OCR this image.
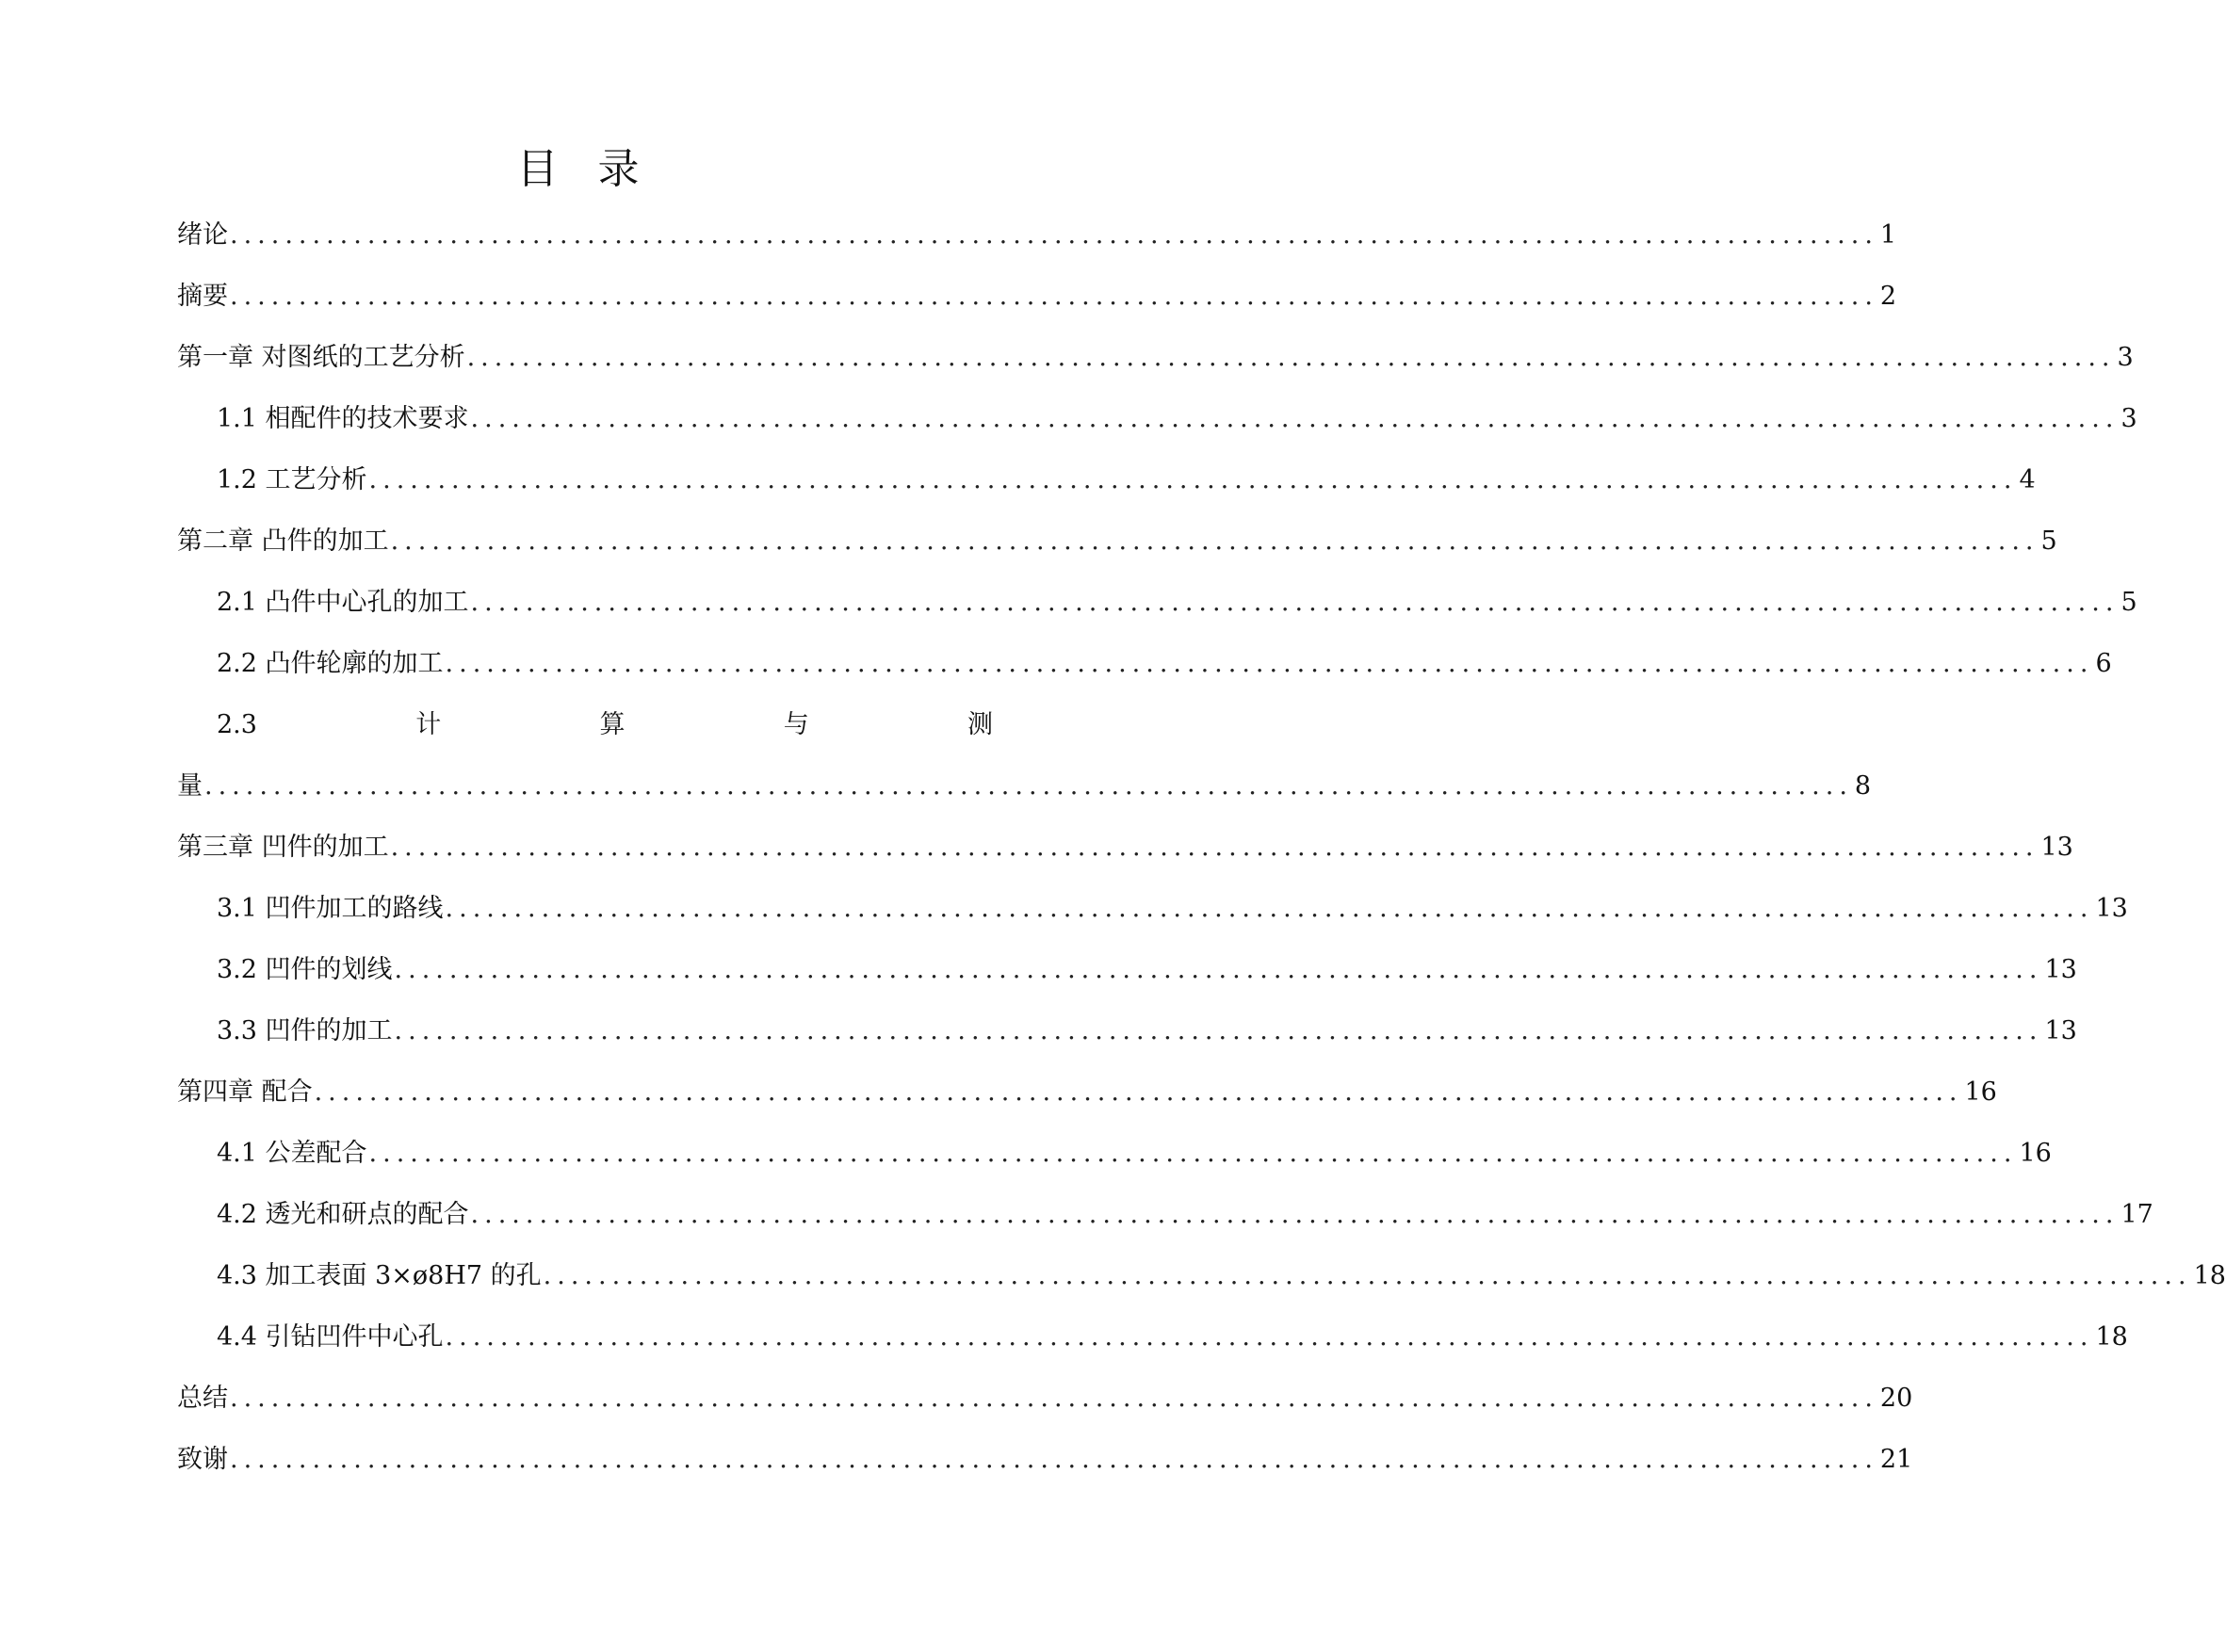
目 录
绪论 ........................................................................................................................ 1
摘要 ........................................................................................................................ 2
第一章 对图纸的工艺分析 ........................................................................................................................ 3
1.1 相配件的技术要求 ........................................................................................................................ 3
1.2 工艺分析 ........................................................................................................................ 4
第二章 凸件的加工 ........................................................................................................................ 5
2.1 凸件中心孔的加工 ........................................................................................................................ 5
2.2 凸件轮廓的加工 ........................................................................................................................ 6
2.3	计	算	与	测
量 ........................................................................................................................ 8
第三章 凹件的加工 ........................................................................................................................ 13
3.1 凹件加工的路线 ........................................................................................................................ 13
3.2 凹件的划线 ........................................................................................................................ 13
3.3 凹件的加工 ........................................................................................................................ 13
第四章 配合 ........................................................................................................................ 16
4.1 公差配合 ........................................................................................................................ 16
4.2 透光和研点的配合 ........................................................................................................................ 17
4.3 加工表面 3×ø8H7 的孔 ........................................................................................................................ 18
4.4 引钻凹件中心孔 ........................................................................................................................ 18
总结 ........................................................................................................................ 20
致谢 ........................................................................................................................ 21
